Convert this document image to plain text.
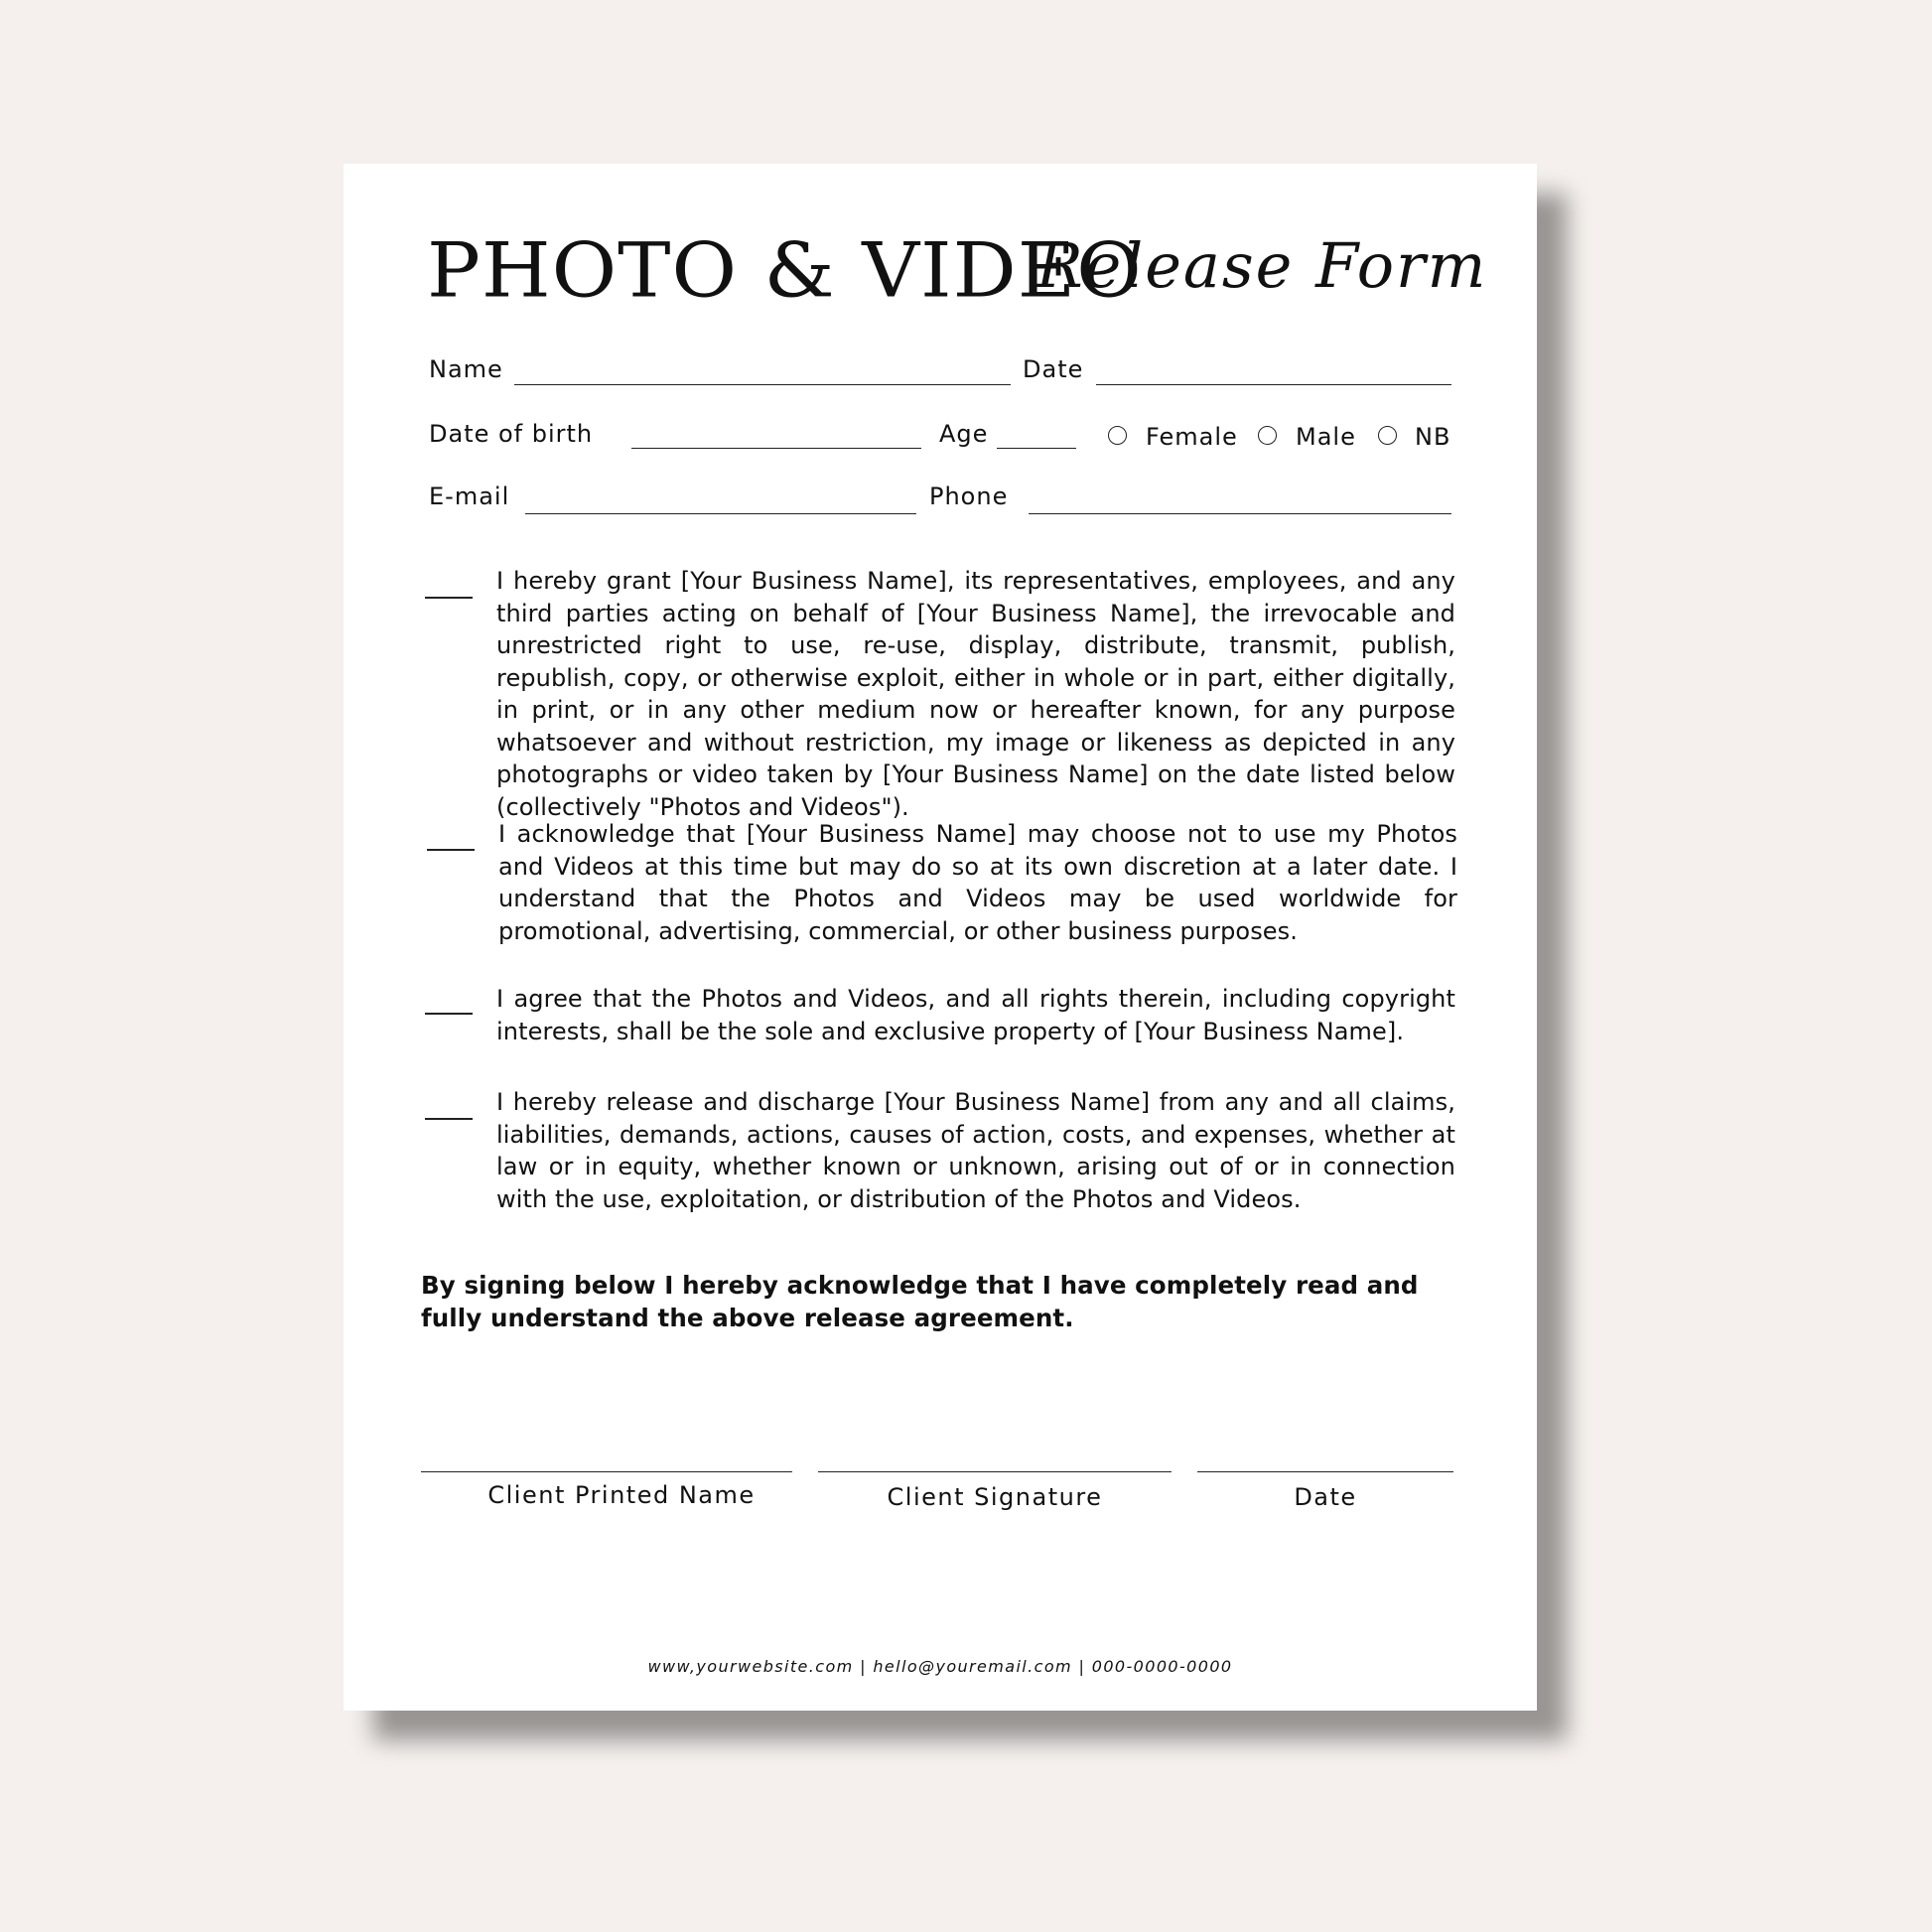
PHOTO & VIDEO
Release Form
Name	Date
Date of birth	Age	Female Male NB
E-mail	Phone
I hereby grant [Your Business Name], its representatives, employees, and any third parties acting on behalf of [Your Business Name], the irrevocable and unrestricted right to use, re-use, display, distribute, transmit, publish, republish, copy, or otherwise exploit, either in whole or in part, either digitally, in print, or in any other medium now or hereafter known, for any purpose whatsoever and without restriction, my image or likeness as depicted in any photographs or video taken by [Your Business Name] on the date listed below (collectively "Photos and Videos").
I acknowledge that [Your Business Name] may choose not to use my Photos and Videos at this time but may do so at its own discretion at a later date. I understand that the Photos and Videos may be used worldwide for promotional, advertising, commercial, or other business purposes.
I agree that the Photos and Videos, and all rights therein, including copyright interests, shall be the sole and exclusive property of [Your Business Name].
I hereby release and discharge [Your Business Name] from any and all claims, liabilities, demands, actions, causes of action, costs, and expenses, whether at law or in equity, whether known or unknown, arising out of or in connection with the use, exploitation, or distribution of the Photos and Videos.
By signing below I hereby acknowledge that I have completely read and fully understand the above release agreement.
Client Printed Name	Client Signature	Date
www,yourwebsite.com | hello@youremail.com | 000-0000-0000
